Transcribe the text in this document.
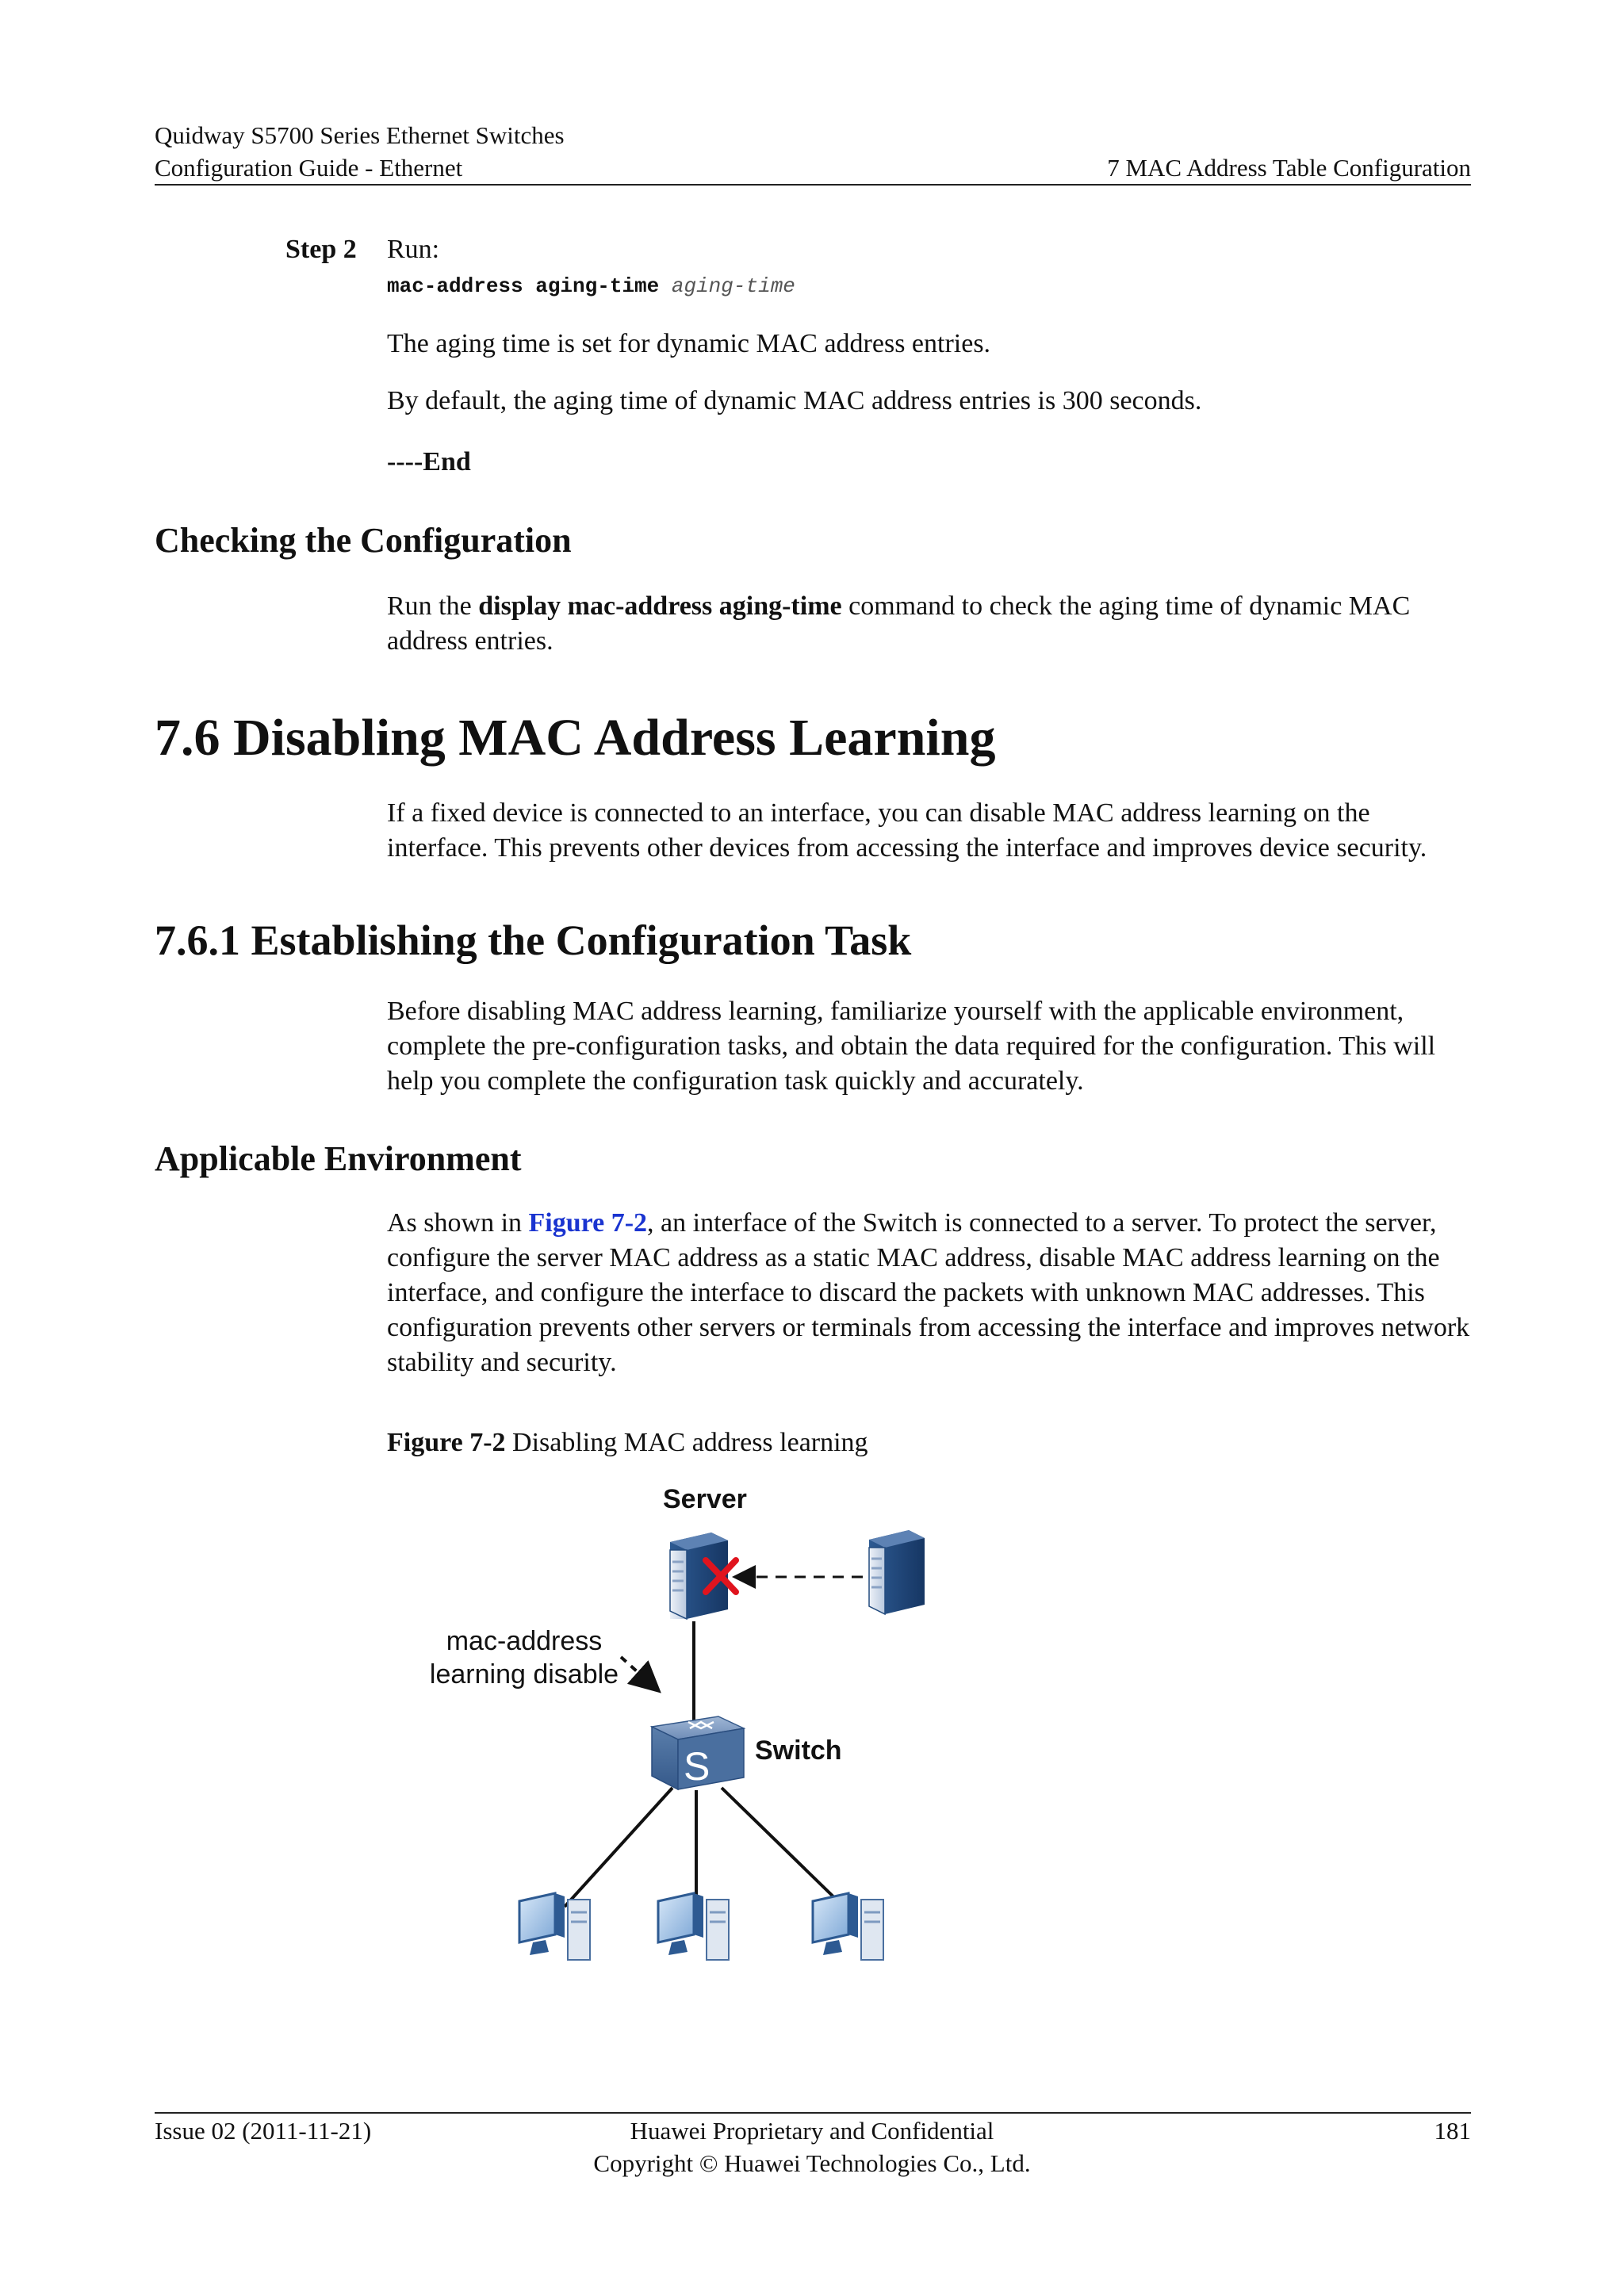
Quidway S5700 Series Ethernet Switches
Configuration Guide - Ethernet	7 MAC Address Table Configuration
Step 2 Run:
mac-address aging-time aging-time
The aging time is set for dynamic MAC address entries.
By default, the aging time of dynamic MAC address entries is 300 seconds.
----End
Checking the Configuration

Run the display mac-address aging-time command to check the aging time of dynamic MAC address entries.

7.6 Disabling MAC Address Learning

If a fixed device is connected to an interface, you can disable MAC address learning on the interface. This prevents other devices from accessing the interface and improves device security.

7.6.1 Establishing the Configuration Task

Before disabling MAC address learning, familiarize yourself with the applicable environment, complete the pre-configuration tasks, and obtain the data required for the configuration. This will help you complete the configuration task quickly and accurately.

Applicable Environment

As shown in Figure 7-2, an interface of the Switch is connected to a server. To protect the server, configure the server MAC address as a static MAC address, disable MAC address learning on the interface, and configure the interface to discard the packets with unknown MAC addresses. This configuration prevents other servers or terminals from accessing the interface and improves network stability and security.

Figure 7-2 Disabling MAC address learning
S
Server
Switch
mac-address
learning disable
Issue 02 (2011-11-21)	Huawei Proprietary and Confidential
Copyright © Huawei Technologies Co., Ltd.
181
